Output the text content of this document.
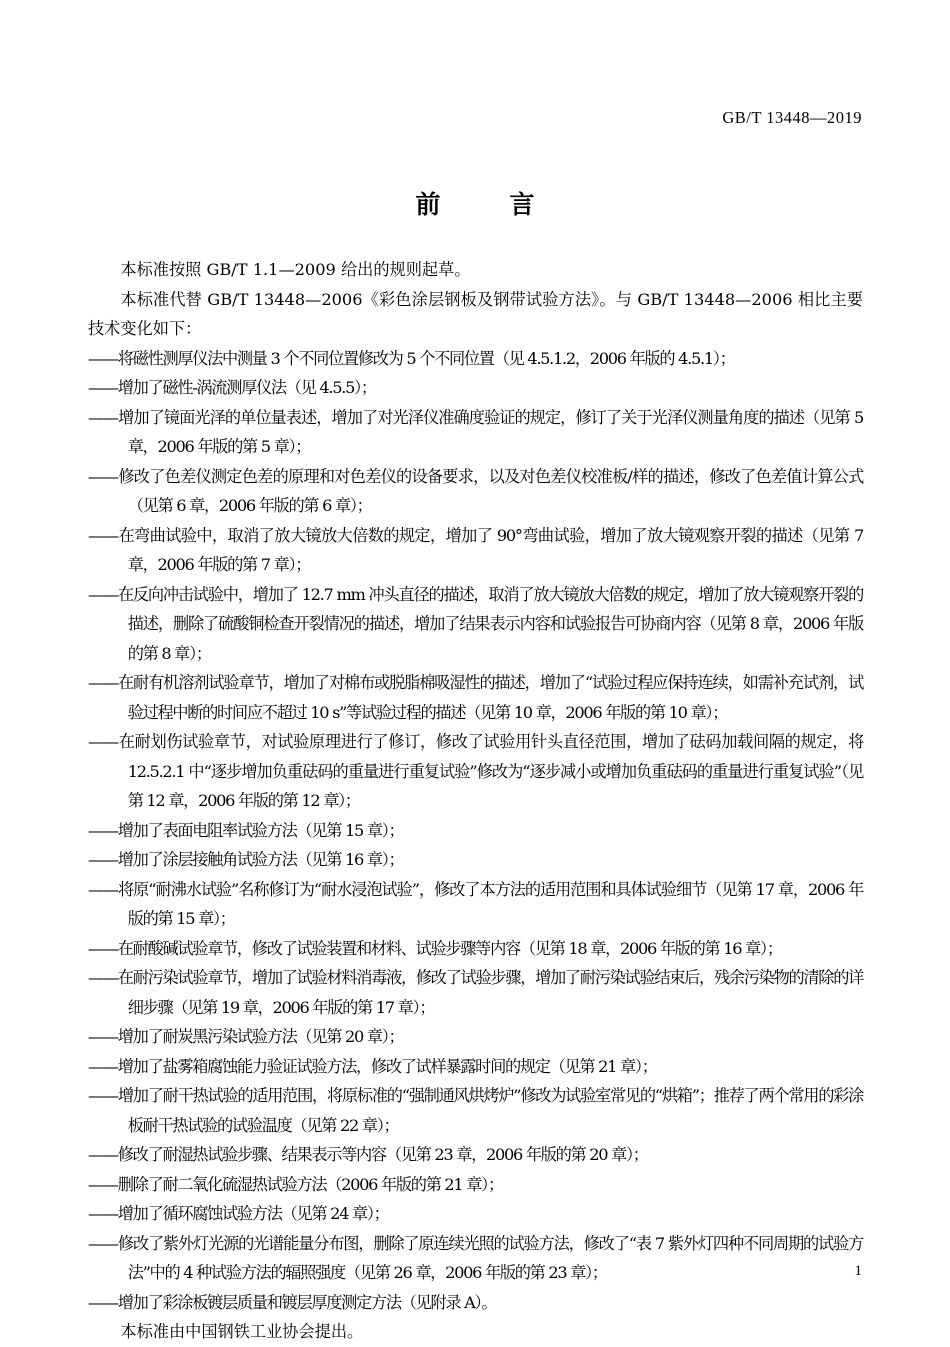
GB/T 13448—2019
前　言

本标准按照 GB/T 1.1—2009 给出的规则起草。

本标准代替 GB/T 13448—2006《彩色涂层钢板及钢带试验方法》。与 GB/T 13448—2006 相比主要技术变化如下：

——将磁性测厚仪法中测量 3 个不同位置修改为 5 个不同位置（见 4.5.1.2，2006 年版的 4.5.1）；

——增加了磁性-涡流测厚仪法（见 4.5.5）；

——增加了镜面光泽的单位量表述，增加了对光泽仪准确度验证的规定，修订了关于光泽仪测量角度的描述（见第 5 章，2006 年版的第 5 章）；

——修改了色差仪测定色差的原理和对色差仪的设备要求，以及对色差仪校准板/样的描述，修改了色差值计算公式（见第 6 章，2006 年版的第 6 章）；

——在弯曲试验中，取消了放大镜放大倍数的规定，增加了 90°弯曲试验，增加了放大镜观察开裂的描述（见第 7 章，2006 年版的第 7 章）；

——在反向冲击试验中，增加了 12.7 mm 冲头直径的描述，取消了放大镜放大倍数的规定，增加了放大镜观察开裂的描述，删除了硫酸铜检查开裂情况的描述，增加了结果表示内容和试验报告可协商内容（见第 8 章，2006 年版的第 8 章）；

——在耐有机溶剂试验章节，增加了对棉布或脱脂棉吸湿性的描述，增加了“试验过程应保持连续，如需补充试剂，试验过程中断的时间应不超过 10 s”等试验过程的描述（见第 10 章，2006 年版的第 10 章）；

——在耐划伤试验章节，对试验原理进行了修订，修改了试验用针头直径范围，增加了砝码加载间隔的规定，将 12.5.2.1 中“逐步增加负重砝码的重量进行重复试验”修改为“逐步减小或增加负重砝码的重量进行重复试验”（见第 12 章，2006 年版的第 12 章）；

——增加了表面电阻率试验方法（见第 15 章）；

——增加了涂层接触角试验方法（见第 16 章）；

——将原“耐沸水试验”名称修订为“耐水浸泡试验”，修改了本方法的适用范围和具体试验细节（见第 17 章，2006 年版的第 15 章）；

——在耐酸碱试验章节，修改了试验装置和材料、试验步骤等内容（见第 18 章，2006 年版的第 16 章）；

——在耐污染试验章节，增加了试验材料消毒液，修改了试验步骤，增加了耐污染试验结束后，残余污染物的清除的详细步骤（见第 19 章，2006 年版的第 17 章）；

——增加了耐炭黑污染试验方法（见第 20 章）；

——增加了盐雾箱腐蚀能力验证试验方法，修改了试样暴露时间的规定（见第 21 章）；

——增加了耐干热试验的适用范围，将原标准的“强制通风烘烤炉”修改为试验室常见的“烘箱”；推荐了两个常用的彩涂板耐干热试验的试验温度（见第 22 章）；

——修改了耐湿热试验步骤、结果表示等内容（见第 23 章，2006 年版的第 20 章）；

——删除了耐二氧化硫湿热试验方法（2006 年版的第 21 章）；

——增加了循环腐蚀试验方法（见第 24 章）；

——修改了紫外灯光源的光谱能量分布图，删除了原连续光照的试验方法，修改了“表 7 紫外灯四种不同周期的试验方法”中的 4 种试验方法的辐照强度（见第 26 章，2006 年版的第 23 章）；

——增加了彩涂板镀层质量和镀层厚度测定方法（见附录 A）。

本标准由中国钢铁工业协会提出。

1
